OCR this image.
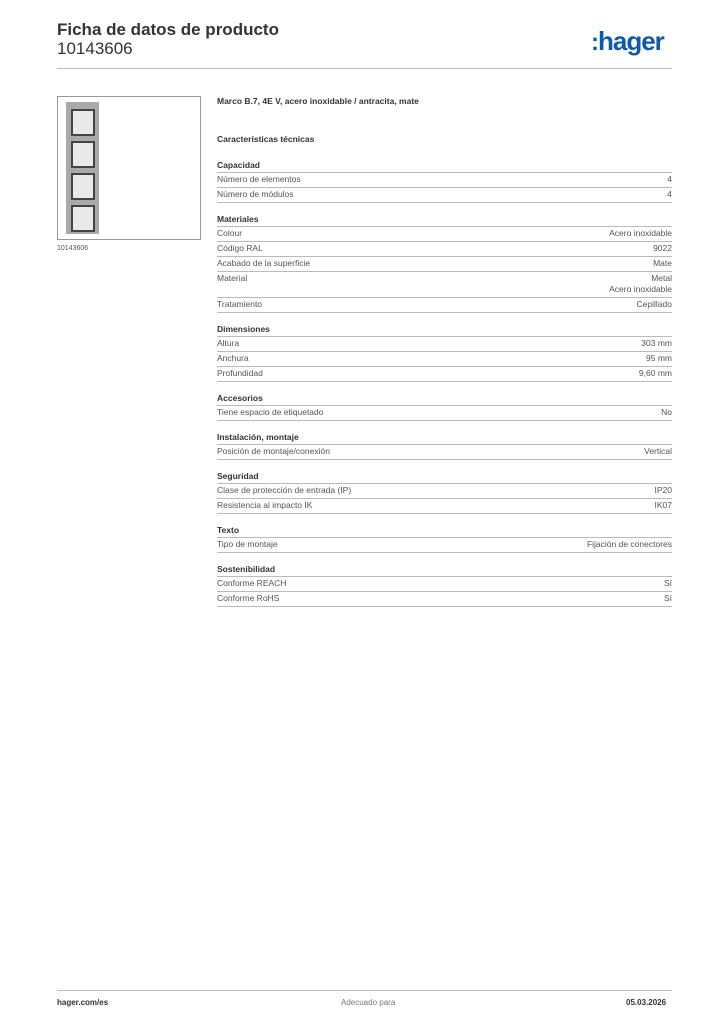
Ficha de datos de producto
10143606	:hager
10143606
Marco B.7, 4E V, acero inoxidable / antracita, mate
Características técnicas
Capacidad
Número de elementos	4
Número de módulos	4
Materiales
Colour	Acero inoxidable
Código RAL	9022
Acabado de la superficie	Mate
Material	Metal
Acero inoxidable
Tratamiento	Cepillado
Dimensiones
Altura	303 mm
Anchura	95 mm
Profundidad	9,60 mm
Accesorios
Tiene espacio de etiquetado	No
Instalación, montaje
Posición de montaje/conexión	Vertical
Seguridad
Clase de protección de entrada (IP)	IP20
Resistencia al impacto IK	IK07
Texto
Tipo de montaje	Fijación de conectores
Sostenibilidad
Conforme REACH	Sí
Conforme RoHS	Sí
hager.com/es	Adecuado para	05.03.2026
